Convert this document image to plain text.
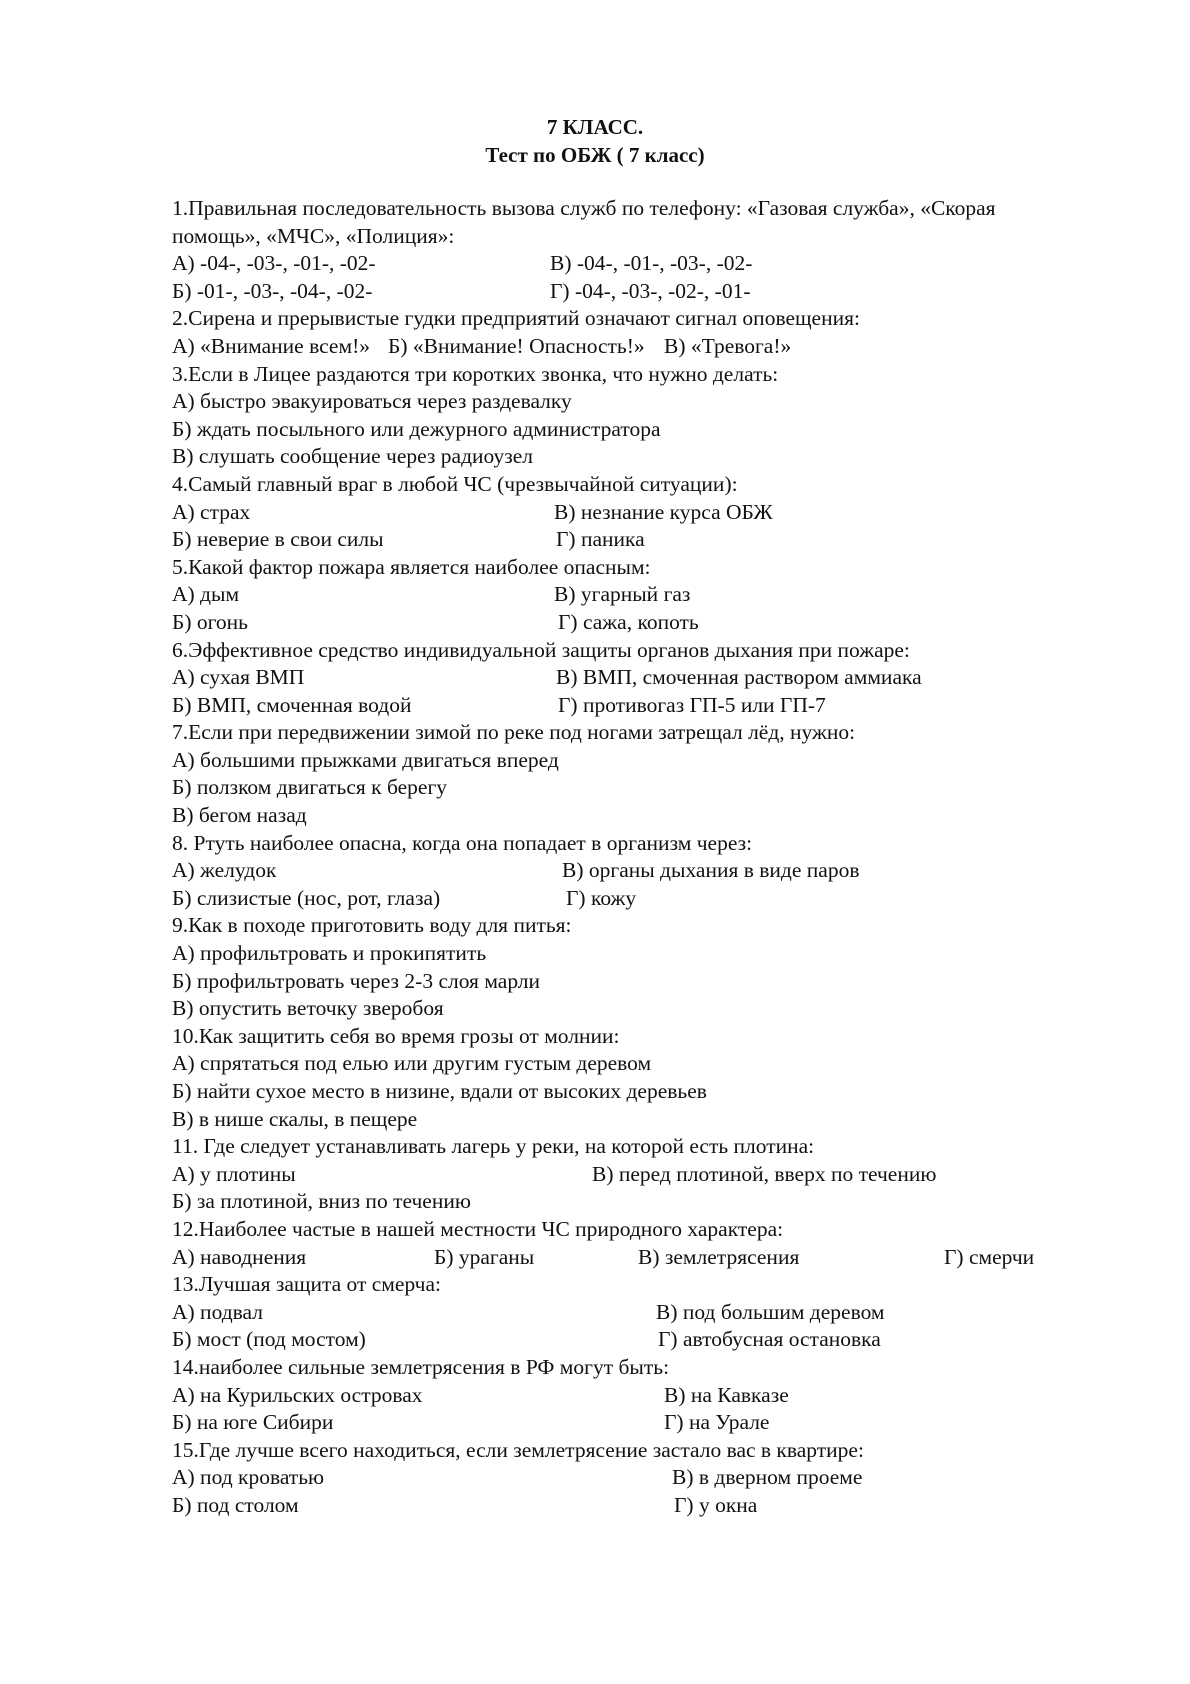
7 КЛАСС.
Тест по ОБЖ ( 7 класс)
1.Правильная последовательность вызова служб по телефону: «Газовая служба», «Скорая
помощь», «МЧС», «Полиция»:
А) -04-, -03-, -01-, -02-	В) -04-, -01-, -03-, -02-
Б) -01-, -03-, -04-, -02-	Г) -04-, -03-, -02-, -01-
2.Сирена и прерывистые гудки предприятий означают сигнал оповещения:
А) «Внимание всем!» Б) «Внимание! Опасность!» В) «Тревога!»
3.Если в Лицее раздаются три коротких звонка, что нужно делать:
А) быстро эвакуироваться через раздевалку
Б) ждать посыльного или дежурного администратора
В) слушать сообщение через радиоузел
4.Самый главный враг в любой ЧС (чрезвычайной ситуации):
А) страх	В) незнание курса ОБЖ
Б) неверие в свои силы	Г) паника
5.Какой фактор пожара является наиболее опасным:
А) дым	В) угарный газ
Б) огонь	Г) сажа, копоть
6.Эффективное средство индивидуальной защиты органов дыхания при пожаре:
А) сухая ВМП	В) ВМП, смоченная раствором аммиака
Б) ВМП, смоченная водой	Г) противогаз ГП-5 или ГП-7
7.Если при передвижении зимой по реке под ногами затрещал лёд, нужно:
А) большими прыжками двигаться вперед
Б) ползком двигаться к берегу
В) бегом назад
8. Ртуть наиболее опасна, когда она попадает в организм через:
А) желудок	В) органы дыхания в виде паров
Б) слизистые (нос, рот, глаза)	Г) кожу
9.Как в походе приготовить воду для питья:
А) профильтровать и прокипятить
Б) профильтровать через 2-3 слоя марли
В) опустить веточку зверобоя
10.Как защитить себя во время грозы от молнии:
А) спрятаться под елью или другим густым деревом
Б) найти сухое место в низине, вдали от высоких деревьев
В) в нише скалы, в пещере
11. Где следует устанавливать лагерь у реки, на которой есть плотина:
А) у плотины	В) перед плотиной, вверх по течению
Б) за плотиной, вниз по течению
12.Наиболее частые в нашей местности ЧС природного характера:
А) наводнения	Б) ураганы	В) землетрясения	Г) смерчи
13.Лучшая защита от смерча:
А) подвал	В) под большим деревом
Б) мост (под мостом)	Г) автобусная остановка
14.наиболее сильные землетрясения в РФ могут быть:
А) на Курильских островах	В) на Кавказе
Б) на юге Сибири	Г) на Урале
15.Где лучше всего находиться, если землетрясение застало вас в квартире:
А) под кроватью	В) в дверном проеме
Б) под столом	Г) у окна
